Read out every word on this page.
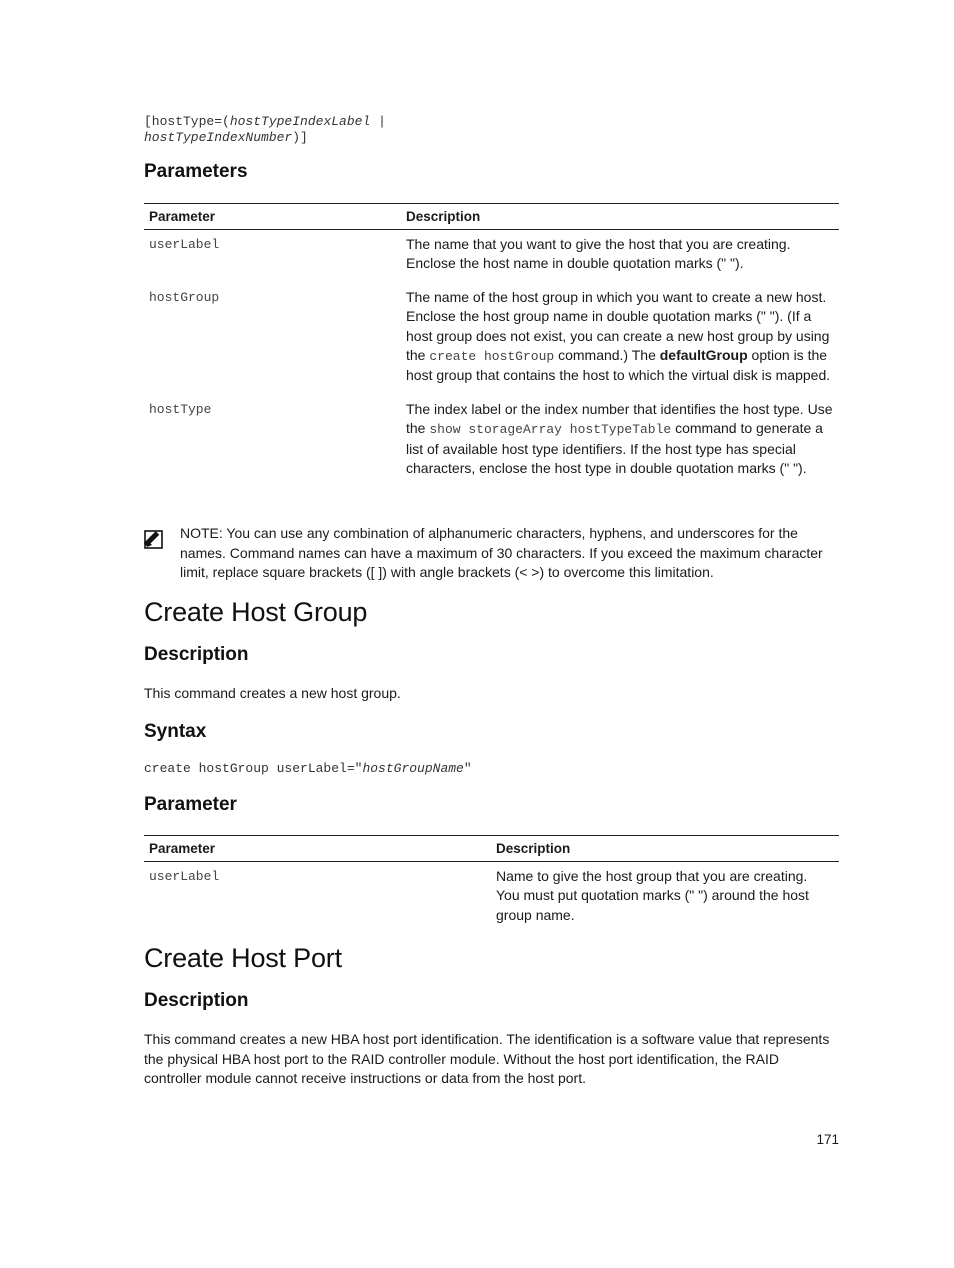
[hostType=(hostTypeIndexLabel |
hostTypeIndexNumber)]
Parameters
Parameter	Description
userLabel	The name that you want to give the host that you are creating. Enclose the host name in double quotation marks (" ").
hostGroup	The name of the host group in which you want to create a new host. Enclose the host group name in double quotation marks (" "). (If a host group does not exist, you can create a new host group by using the create hostGroup command.) The defaultGroup option is the host group that contains the host to which the virtual disk is mapped.
hostType	The index label or the index number that identifies the host type. Use the show storageArray hostTypeTable command to generate a list of available host type identifiers. If the host type has special characters, enclose the host type in double quotation marks (" ").
NOTE: You can use any combination of alphanumeric characters, hyphens, and underscores for the names. Command names can have a maximum of 30 characters. If you exceed the maximum character limit, replace square brackets ([ ]) with angle brackets (< >) to overcome this limitation.
Create Host Group
Description
This command creates a new host group.
Syntax
create hostGroup userLabel="hostGroupName"
Parameter
Parameter	Description
userLabel	Name to give the host group that you are creating. You must put quotation marks (" ") around the host group name.
Create Host Port
Description
This command creates a new HBA host port identification. The identification is a software value that represents the physical HBA host port to the RAID controller module. Without the host port identification, the RAID controller module cannot receive instructions or data from the host port.
171
